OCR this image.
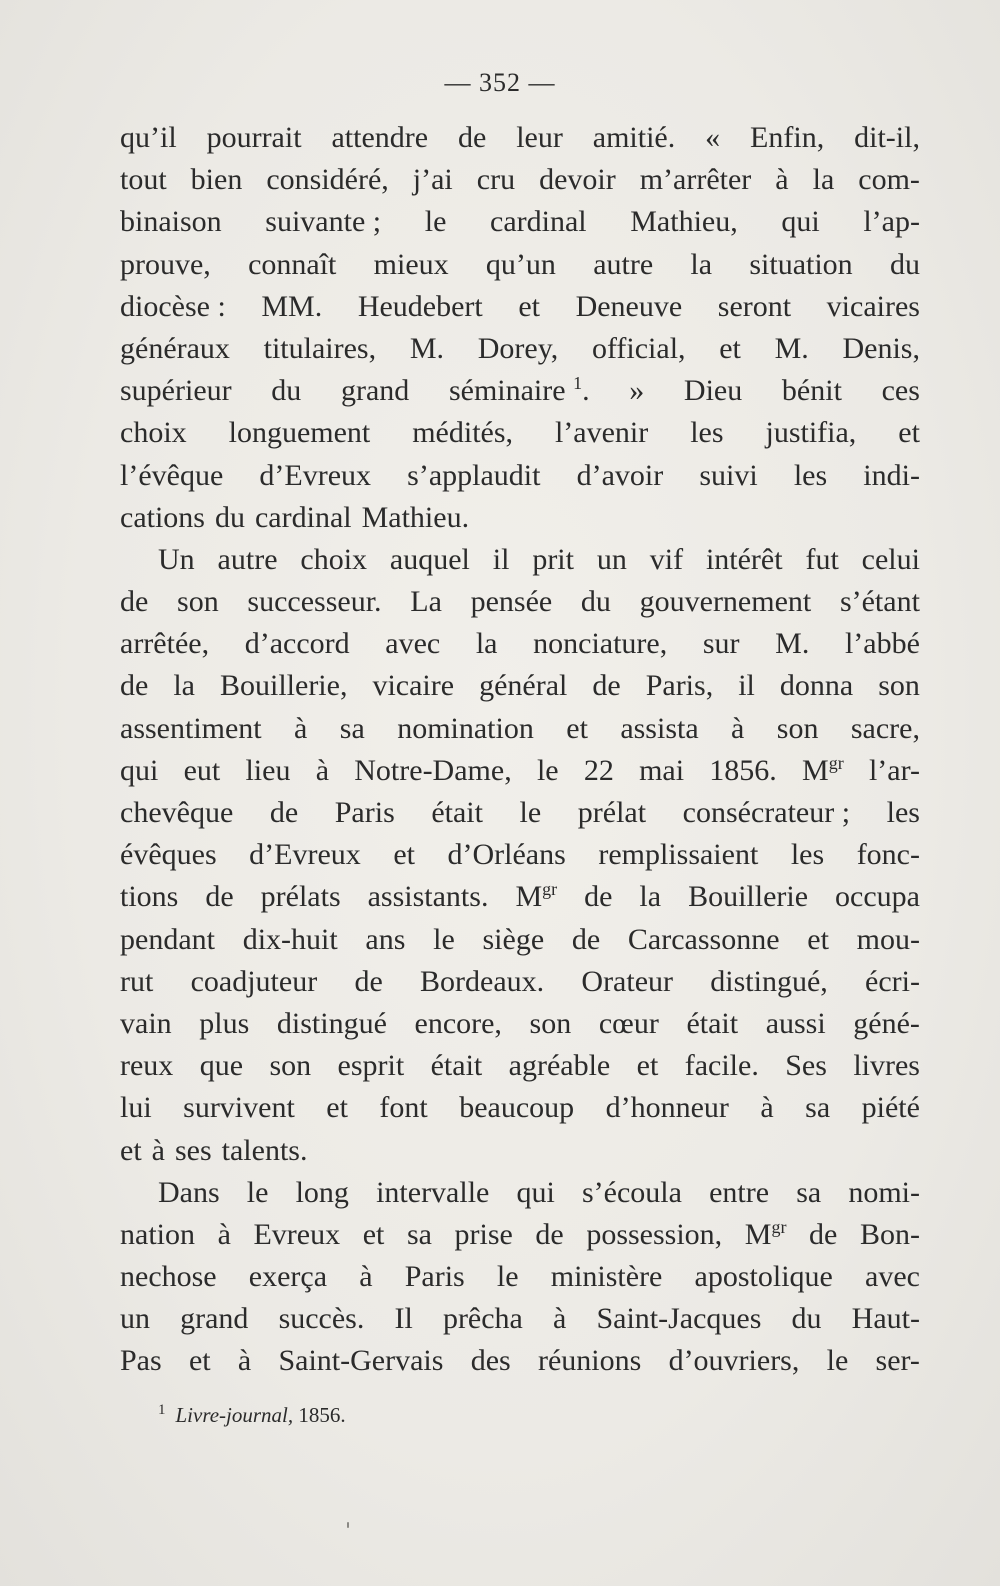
— 352 —
qu’il pourrait attendre de leur amitié. « Enfin, dit-il,
tout bien considéré, j’ai cru devoir m’arrêter à la com-
binaison suivante ; le cardinal Mathieu, qui l’ap-
prouve, connaît mieux qu’un autre la situation du
diocèse : MM. Heudebert et Deneuve seront vicaires
généraux titulaires, M. Dorey, official, et M. Denis,
supérieur du grand séminaire $^1$. » Dieu bénit ces
choix longuement médités, l’avenir les justifia, et
l’évêque d’Evreux s’applaudit d’avoir suivi les indi-
cations du cardinal Mathieu.
Un autre choix auquel il prit un vif intérêt fut celui
de son successeur. La pensée du gouvernement s’étant
arrêtée, d’accord avec la nonciature, sur M. l’abbé
de la Bouillerie, vicaire général de Paris, il donna son
assentiment à sa nomination et assista à son sacre,
qui eut lieu à Notre-Dame, le 22 mai 1856. $M^{gr}$ l’ar-
chevêque de Paris était le prélat consécrateur ; les
évêques d’Evreux et d’Orléans remplissaient les fonc-
tions de prélats assistants. $M^{gr}$ de la Bouillerie occupa
pendant dix-huit ans le siège de Carcassonne et mou-
rut coadjuteur de Bordeaux. Orateur distingué, écri-
vain plus distingué encore, son cœur était aussi géné-
reux que son esprit était agréable et facile. Ses livres
lui survivent et font beaucoup d’honneur à sa piété
et à ses talents.
Dans le long intervalle qui s’écoula entre sa nomi-
nation à Evreux et sa prise de possession, $M^{gr}$ de Bon-
nechose exerça à Paris le ministère apostolique avec
un grand succès. Il prêcha à Saint-Jacques du Haut-
Pas et à Saint-Gervais des réunions d’ouvriers, le ser-
$^1$ Livre-journal, 1856.
